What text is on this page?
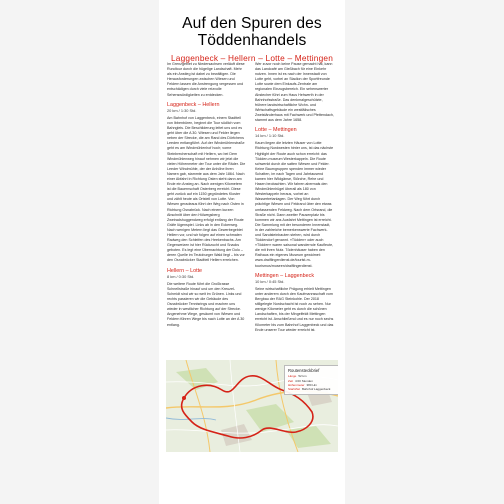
Auf den Spuren des
Töddenhandels
Laggenbeck – Hellern – Lotte – Mettingen

Im Grenzgebiet zu Niedersachsen verläuft diese Rundtour durch die hügelige Landschaft. Mehr als ein Anstieg ist dabei zu bewältigen. Die Herausforderungen zwischen Wiesen und Feldern lassen die Anstrengung vergessen und entschädigen durch viele reizvolle Sehenswürdigkeiten zu entdecken.

Laggenbeck – Hellern
20 km / 1:30 Std.

Am Bahnhof von Laggenbeck, einem Stadtteil von Ibbenbüren, beginnt die Tour südlich vom Bahngleis. Die Beschilderung leitet uns und es geht über die A 30. Wiesen und Felder liegen neben der Strecke, die am Rand des Dörfchens Leeden entlangführt. Auf der Windmühlenstraße geht es am Windmühlenhof hoch; vorne Steinbrecherschaft mit Hellern, wo bei Dem Windmühlenweg hinauf nehmen wir jetzt die vielen Höhenmeter der Tour unter die Räder. Die Leeder Windmühle, der der Anhöhe ihren Namen gab, stammte aus dem Jahr 1864. Nach einer Abfahrt in Richtung Osten steht dann am Ende ein Ansteg an. Nach wenigen Kilometern ist die Bauernschaft Osterberg erreicht. Diese geht zurück auf ein 1150 gegründetes Kloster und zählt heute als Ortsteil von Lotte. Von Wiesen geradeaus führt der Weg nach Osten in Richtung Osnabrück. Nach einem kurzen Abschnitt über den Hölwegsberg Zweiradshuggendweg erfolgt entlang der Route Gräfe lügenspiel. Links ab in den Eckerweg. Nach wenigen Metern liegt das Gewerbegebiet Hellern vor, und wir folgen auf einen schmalen Radweg den Schleifen des Heekenbachs. Am Gegenweizen ist hier Rückzucht und Snacks geboten. Es legt eine Übernachtung der Dolo – deren Quelle im Teutoburger Wald liegt – bis vor den Osnabrücker Stadtteil Hellern erreichen.

Hellern – Lotte
8 km / 0:30 Std.

Die weitere Route führt die Großtrasse Schnellstraße hinauf und um den Kreuzel-Schmidt sind wir so weit im Grünen. Links und rechts passieren wir die Gebäude des Osnabrücker Tennisrings und machen uns wieder in westlicher Richtung auf der Strecke. Angenehme Wege, gesäumt von Wiesen und Feldern führen Wege bis nach Lotte an der A 30 entlang.

Wer zuvor noch keine Pause gemacht hat, kann das Landcafé am Gießbach für eine Einkehr nutzen. Innen ist es nach der Innenstadt von Lotte geht, vorbei an Stadion der Sportfreunde Lotte sowie dem Einkaufs-Zentrale am regionalen Einzugsbereich. Ein sehenswerter Abstecher führt zum Haus Hehwerth in der Bahnhofsstraße. Das denkmalgeschützte, frühere landwirtschaftliche Wohn- und Wirtschaftsgebäude ein westfälisches Zweiständerhaus mit Fachwerk und Pfettendach, stammt aus dem Jahre 1658.

Lotte – Mettingen
14 km / 1:10 Std.

Kaum liegen die letzten Häuser von Lotte Richtung Nordwesten hinter uns, ist das nächste Highlight der Route auch schon erreicht: das Tödden-museum Westerkappeln. Die Route schwenkt durch die satten Wiesen und Felder. Keine Baumgruppen spenden immer wieder Schatten, im nach Tagen und Jahrtausend kamen hier Wildgänse, Störche, Rehe und Hasen beobachten. Wir fahren abermals den Windmühlenhügel überall als 180 von Westerkappeln heraus, vorbei an Wassertretanlagen. Der Weg führt durch prächtige Wiesen und Feldrand über den etwas umfassenden Feldweg. Nach dem Ortsrand, die Straße nicht. Dann zweiter Pausenplatz bis kommen wir ans Ausfahrt Mettingen ist erreicht. Die Sammlung mit der besonderen Innenstadt, in der zahlreiche bemerkenswerte Fachwerk- und Sandsteinbauten stehen, wird durch Tüddendorf genannt. »Tüdden« oder auch »Tödden« waren saisonal wandernde Kaufleute, die mit ihren Nutz. Tödenhäuser haben den Rathaus ein eigenes Museum gewidmet: www.draiflingerdienst.de/tourist-m-tourismus/museen/draiflingerdienst.

Mettingen – Laggenbeck
10 km / 0:45 Std.

Seine wirtschaftliche Prägung erhielt Mettingen unter anderem durch den Kaufmannsschaft vom Bergbau der RAG Steinkohle. Der 2018 stillgelegte Nordschacht ist noch zu sehen. Nur wenige Kilometer geht es durch die schönen Landschaften, bis der Mingelfeldt Mettingen erreicht ist. Anschließend und es nur noch sechs Kilometer bis zum Bahnhof Laggenbeck und das Ende unserer Tour wieder erreicht ist.

Routensteckbrief
Länge 52 km
Zeit 4:00 Stunden
Höhenmeter 380 Hm
Start/Ziel Bahnhof Laggenbeck
